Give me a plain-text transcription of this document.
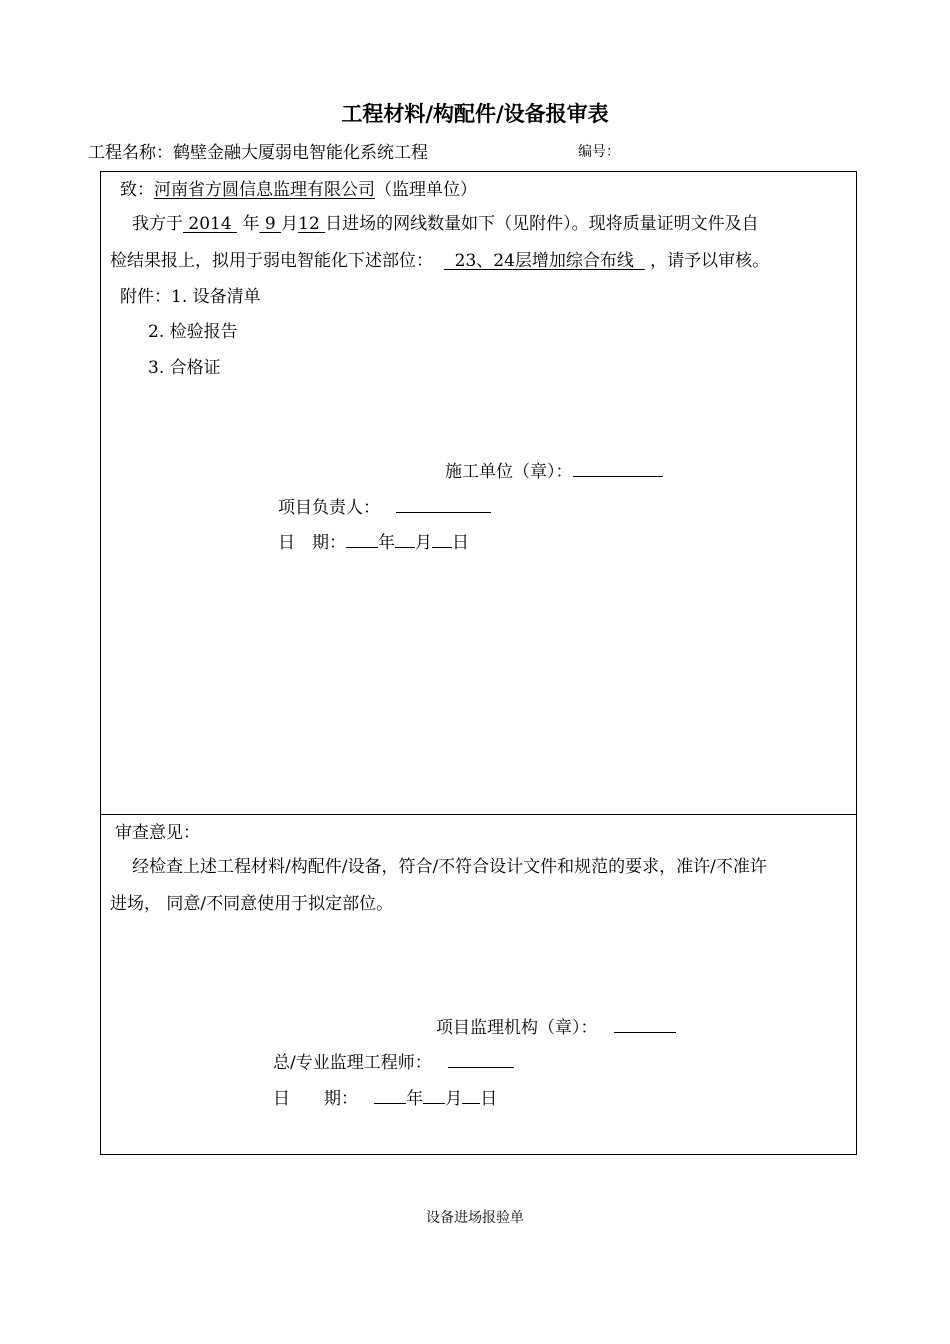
工程材料/构配件/设备报审表
工程名称：鹤壁金融大厦弱电智能化系统工程	编号：
致：河南省方圆信息监理有限公司（监理单位）
我方于 2014 年 9 月12 日进场的网线数量如下（见附件）。现将质量证明文件及自
检结果报上，拟用于弱电智能化下述部位： 23、24层增加综合布线 ，请予以审核。
附件：1. 设备清单
2. 检验报告
3. 合格证
施工单位（章）：
项目负责人：
日　期： 年 月 日
审查意见：
经检查上述工程材料/构配件/设备，符合/不符合设计文件和规范的要求，准许/不准许
进场， 同意/不同意使用于拟定部位。
项目监理机构（章）：
总/专业监理工程师：
日　　期：	年 月 日
设备进场报验单
